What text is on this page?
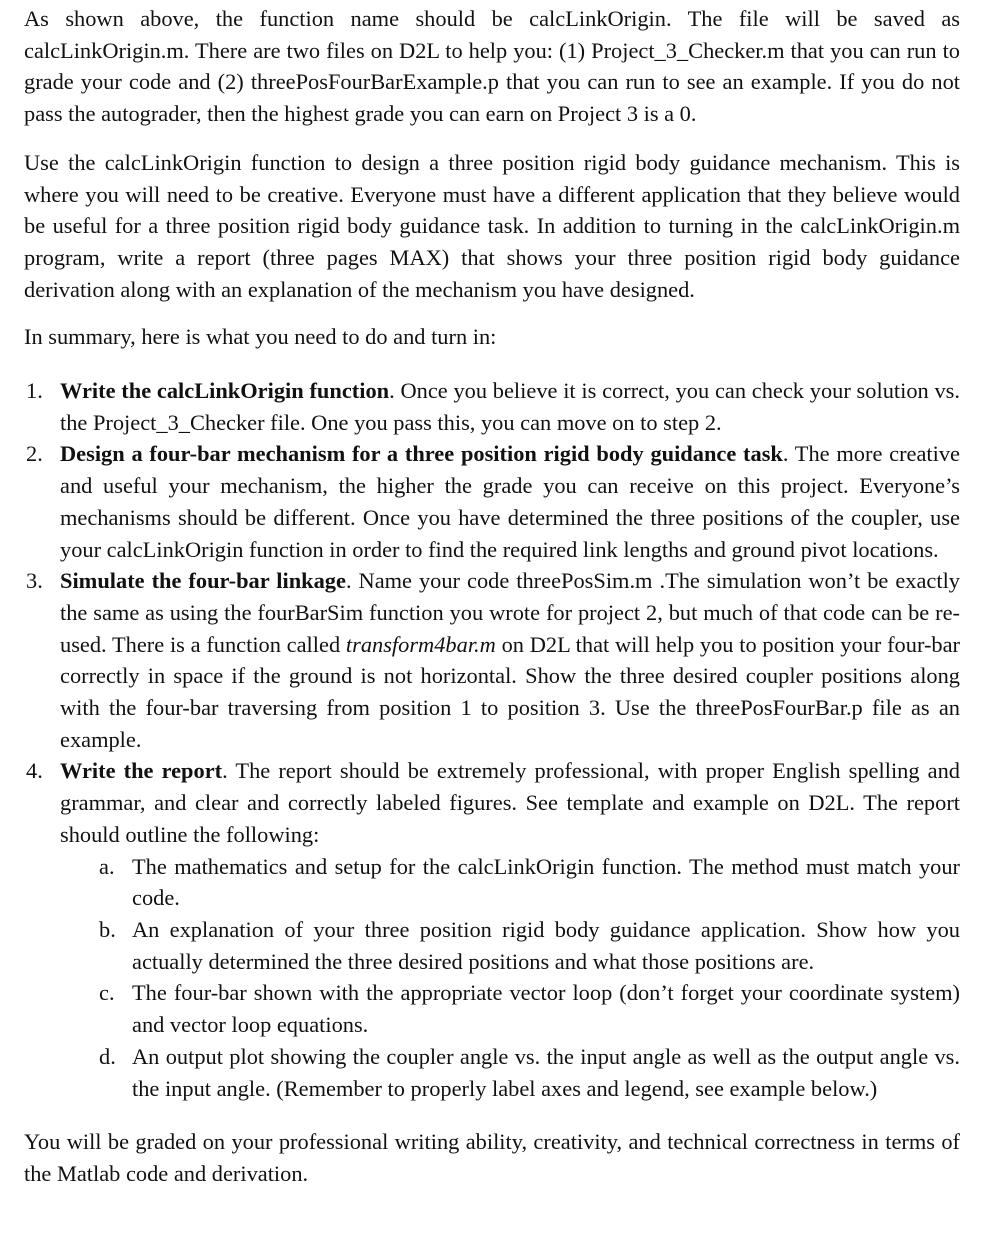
As shown above, the function name should be calcLinkOrigin. The file will be saved as calcLinkOrigin.m. There are two files on D2L to help you: (1) Project_3_Checker.m that you can run to grade your code and (2) threePosFourBarExample.p that you can run to see an example. If you do not pass the autograder, then the highest grade you can earn on Project 3 is a 0.

Use the calcLinkOrigin function to design a three position rigid body guidance mechanism. This is where you will need to be creative. Everyone must have a different application that they believe would be useful for a three position rigid body guidance task. In addition to turning in the calcLinkOrigin.m program, write a report (three pages MAX) that shows your three position rigid body guidance derivation along with an explanation of the mechanism you have designed.

In summary, here is what you need to do and turn in:

1. Write the calcLinkOrigin function. Once you believe it is correct, you can check your solution vs. the Project_3_Checker file. One you pass this, you can move on to step 2.
2. Design a four-bar mechanism for a three position rigid body guidance task. The more creative and useful your mechanism, the higher the grade you can receive on this project. Everyone’s mechanisms should be different. Once you have determined the three positions of the coupler, use your calcLinkOrigin function in order to find the required link lengths and ground pivot locations.
3. Simulate the four-bar linkage. Name your code threePosSim.m .The simulation won’t be exactly the same as using the fourBarSim function you wrote for project 2, but much of that code can be re-used. There is a function called transform4bar.m on D2L that will help you to position your four-bar correctly in space if the ground is not horizontal. Show the three desired coupler positions along with the four-bar traversing from position 1 to position 3. Use the threePosFourBar.p file as an example.
4. Write the report. The report should be extremely professional, with proper English spelling and grammar, and clear and correctly labeled figures. See template and example on D2L. The report should outline the following:
a. The mathematics and setup for the calcLinkOrigin function. The method must match your code.
b. An explanation of your three position rigid body guidance application. Show how you actually determined the three desired positions and what those positions are.
c. The four-bar shown with the appropriate vector loop (don’t forget your coordinate system) and vector loop equations.
d. An output plot showing the coupler angle vs. the input angle as well as the output angle vs. the input angle. (Remember to properly label axes and legend, see example below.)

You will be graded on your professional writing ability, creativity, and technical correctness in terms of the Matlab code and derivation.
